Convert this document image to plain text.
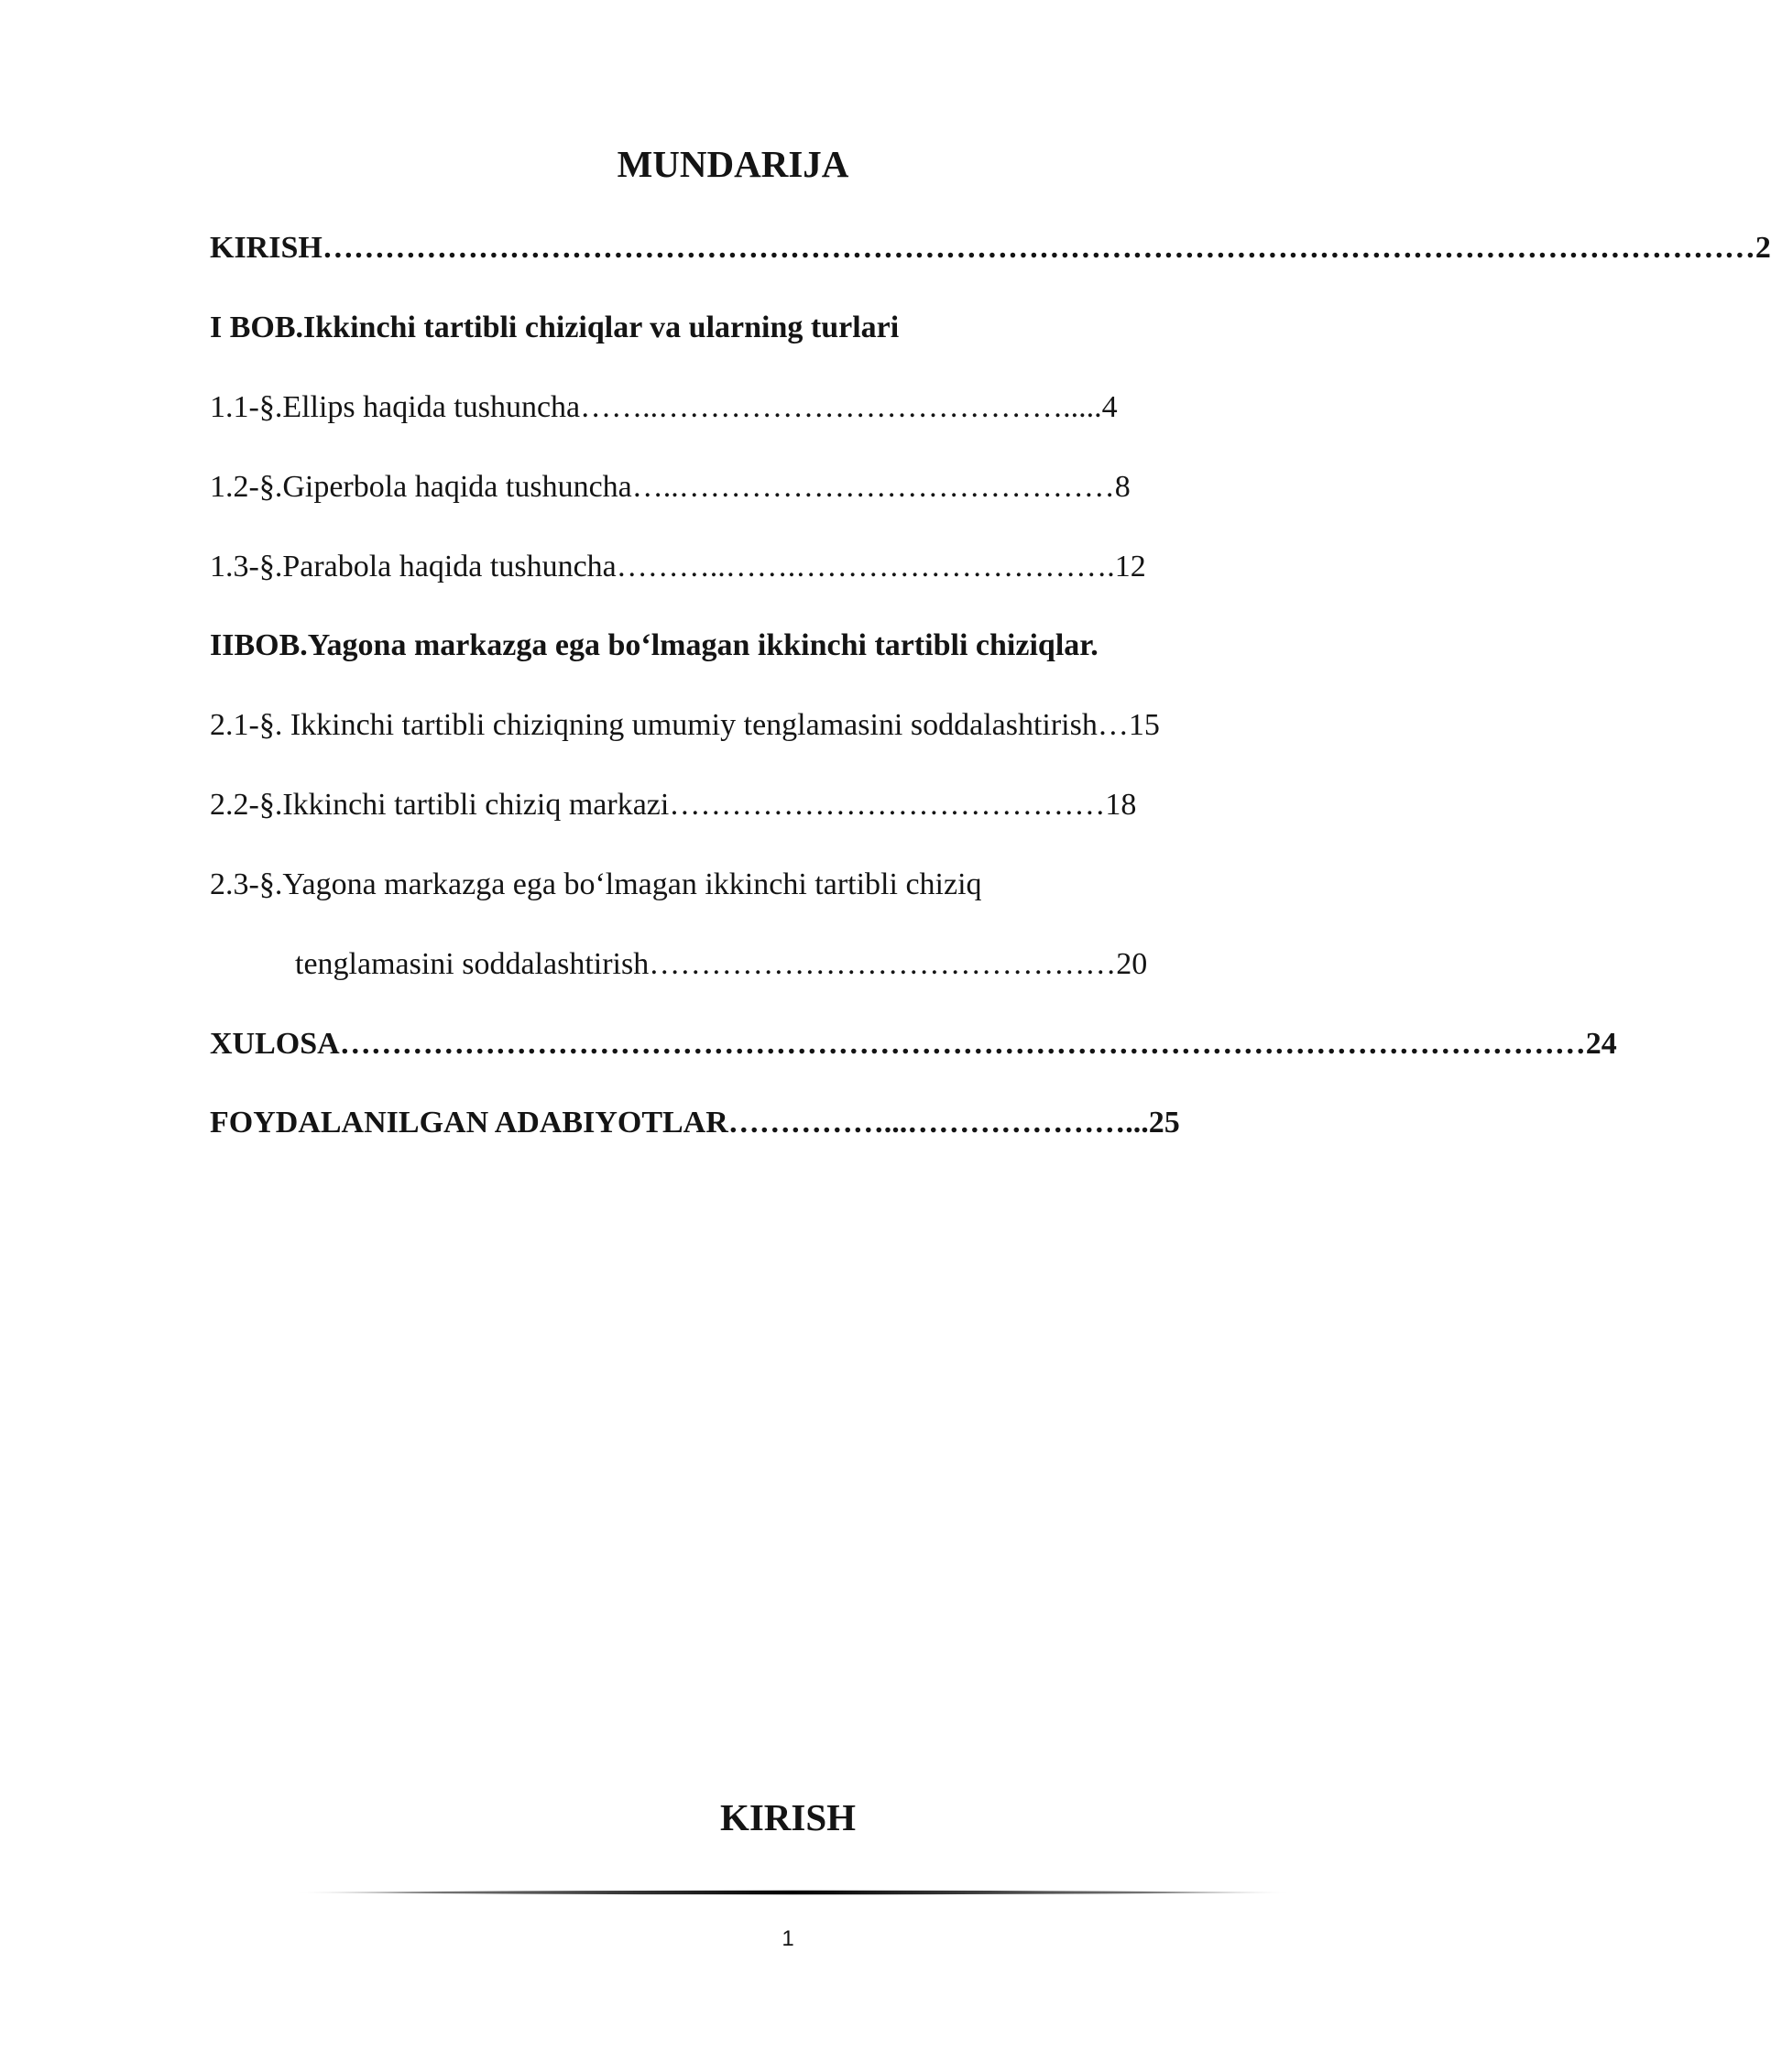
MUNDARIJA
KIRISH…………………………………………………………………………………………………………………………2
I BOB.Ikkinchi tartibli chiziqlar va ularning turlari
1.1-§.Ellips haqida tushuncha……..………………………………….....4
1.2-§.Giperbola haqida tushuncha…..……………………………………8
1.3-§.Parabola haqida tushuncha………..…….………………………….12
IIBOB.Yagona markazga ega bo‘lmagan ikkinchi tartibli chiziqlar.
2.1-§. Ikkinchi tartibli chiziqning umumiy tenglamasini soddalashtirish…15
2.2-§.Ikkinchi tartibli chiziq markazi……………………………………18
2.3-§.Yagona markazga ega bo‘lmagan ikkinchi tartibli chiziq
tenglamasini soddalashtirish………………………………………20
XULOSA…………………………………………………………………………………………………………24
FOYDALANILGAN ADABIYOTLAR……………...…………………...25
KIRISH
1
